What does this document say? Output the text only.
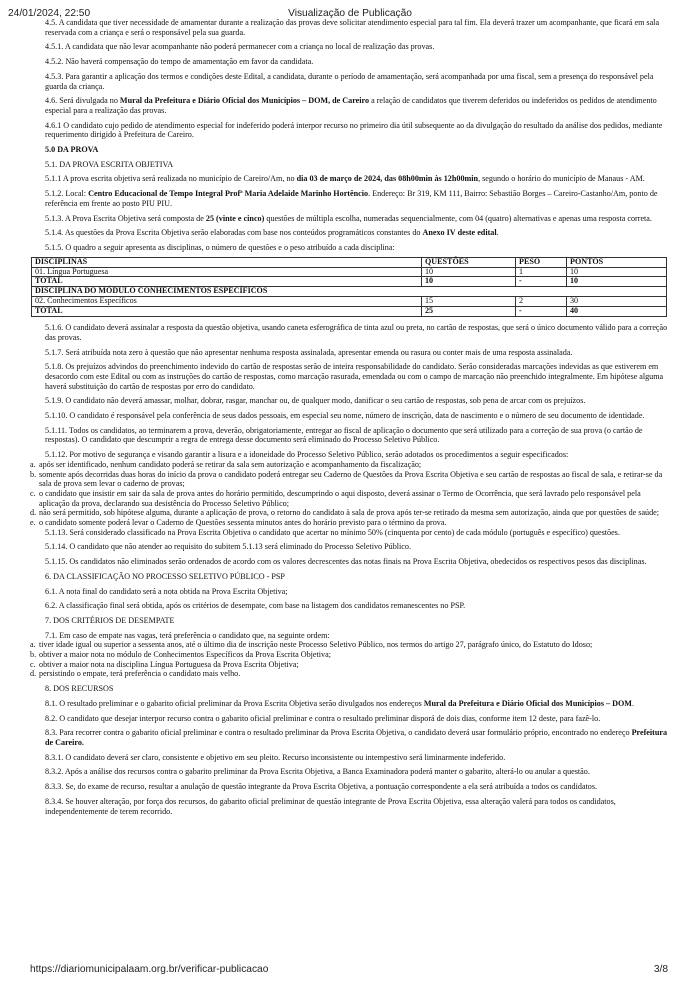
24/01/2024, 22:50	Visualização de Publicação

4.5. A candidata que tiver necessidade de amamentar durante a realização das provas deve solicitar atendimento especial para tal fim. Ela deverá trazer um acompanhante, que ficará em sala reservada com a criança e será o responsável pela sua guarda.

4.5.1. A candidata que não levar acompanhante não poderá permanecer com a criança no local de realização das provas.

4.5.2. Não haverá compensação do tempo de amamentação em favor da candidata.

4.5.3. Para garantir a aplicação dos termos e condições deste Edital, a candidata, durante o período de amamentação, será acompanhada por uma fiscal, sem a presença do responsável pela guarda da criança.

4.6. Será divulgada no Mural da Prefeitura e Diário Oficial dos Municípios – DOM, de Careiro a relação de candidatos que tiverem deferidos ou indeferidos os pedidos de atendimento especial para a realização das provas.

4.6.1 O candidato cujo pedido de atendimento especial for indeferido poderá interpor recurso no primeiro dia útil subsequente ao da divulgação do resultado da análise dos pedidos, mediante requerimento dirigido à Prefeitura de Careiro.

5.0 DA PROVA

5.1. DA PROVA ESCRITA OBJETIVA

5.1.1 A prova escrita objetiva será realizada no município de Careiro/Am, no dia 03 de março de 2024, das 08h00min às 12h00min, segundo o horário do município de Manaus - AM.

5.1.2. Local: Centro Educacional de Tempo Integral Profª Maria Adelaide Marinho Hortêncio. Endereço: Br 319, KM 111, Bairro: Sebastião Borges – Careiro-Castanho/Am, ponto de referência em frente ao posto PIU PIU.

5.1.3. A Prova Escrita Objetiva será composta de 25 (vinte e cinco) questões de múltipla escolha, numeradas sequencialmente, com 04 (quatro) alternativas e apenas uma resposta correta.

5.1.4. As questões da Prova Escrita Objetiva serão elaboradas com base nos conteúdos programáticos constantes do Anexo IV deste edital.

5.1.5. O quadro a seguir apresenta as disciplinas, o número de questões e o peso atribuído a cada disciplina:

DISCIPLINAS	QUESTÕES	PESO	PONTOS
01. Língua Portuguesa	10	1	10
TOTAL	10	-	10
DISCIPLINA DO MÓDULO CONHECIMENTOS ESPECÍFICOS			
02. Conhecimentos Específicos	15	2	30
TOTAL	25	-	40

5.1.6. O candidato deverá assinalar a resposta da questão objetiva, usando caneta esferográfica de tinta azul ou preta, no cartão de respostas, que será o único documento válido para a correção das provas.

5.1.7. Será atribuída nota zero à questão que não apresentar nenhuma resposta assinalada, apresentar emenda ou rasura ou conter mais de uma resposta assinalada.

5.1.8. Os prejuízos advindos do preenchimento indevido do cartão de respostas serão de inteira responsabilidade do candidato. Serão consideradas marcações indevidas as que estiverem em desacordo com este Edital ou com as instruções do cartão de respostas, como marcação rasurada, emendada ou com o campo de marcação não preenchido integralmente. Em hipótese alguma haverá substituição do cartão de respostas por erro do candidato.

5.1.9. O candidato não deverá amassar, molhar, dobrar, rasgar, manchar ou, de qualquer modo, danificar o seu cartão de respostas, sob pena de arcar com os prejuízos.

5.1.10. O candidato é responsável pela conferência de seus dados pessoais, em especial seu nome, número de inscrição, data de nascimento e o número de seu documento de identidade.

5.1.11. Todos os candidatos, ao terminarem a prova, deverão, obrigatoriamente, entregar ao fiscal de aplicação o documento que será utilizado para a correção de sua prova (o cartão de respostas). O candidato que descumprir a regra de entrega desse documento será eliminado do Processo Seletivo Público.

5.1.12. Por motivo de segurança e visando garantir a lisura e a idoneidade do Processo Seletivo Público, serão adotados os procedimentos a seguir especificados:

a. após ser identificado, nenhum candidato poderá se retirar da sala sem autorização e acompanhamento da fiscalização;

b. somente após decorridas duas horas do início da prova o candidato poderá entregar seu Caderno de Questões da Prova Escrita Objetiva e seu cartão de respostas ao fiscal de sala, e retirar-se da sala de prova sem levar o caderno de provas;

c. o candidato que insistir em sair da sala de prova antes do horário permitido, descumprindo o aqui disposto, deverá assinar o Termo de Ocorrência, que será lavrado pelo responsável pela aplicação da prova, declarando sua desistência do Processo Seletivo Público;

d. não será permitido, sob hipótese alguma, durante a aplicação de prova, o retorno do candidato à sala de prova após ter-se retirado da mesma sem autorização, ainda que por questões de saúde;

e. o candidato somente poderá levar o Caderno de Questões sessenta minutos antes do horário previsto para o término da prova.

5.1.13. Será considerado classificado na Prova Escrita Objetiva o candidato que acertar no mínimo 50% (cinquenta por cento) de cada módulo (português e específico) questões.

5.1.14. O candidato que não atender ao requisito do subitem 5.1.13 será eliminado do Processo Seletivo Público.

5.1.15. Os candidatos não eliminados serão ordenados de acordo com os valores decrescentes das notas finais na Prova Escrita Objetiva, obedecidos os respectivos pesos das disciplinas.

6. DA CLASSIFICAÇÃO NO PROCESSO SELETIVO PÚBLICO - PSP

6.1. A nota final do candidato será a nota obtida na Prova Escrita Objetiva;

6.2. A classificação final será obtida, após os critérios de desempate, com base na listagem dos candidatos remanescentes no PSP.

7. DOS CRITÉRIOS DE DESEMPATE

7.1. Em caso de empate nas vagas, terá preferência o candidato que, na seguinte ordem:

a. tiver idade igual ou superior a sessenta anos, até o último dia de inscrição neste Processo Seletivo Público, nos termos do artigo 27, parágrafo único, do Estatuto do Idoso;

b. obtiver a maior nota no módulo de Conhecimentos Específicos da Prova Escrita Objetiva;

c. obtiver a maior nota na disciplina Língua Portuguesa da Prova Escrita Objetiva;

d. persistindo o empate, terá preferência o candidato mais velho.

8. DOS RECURSOS

8.1. O resultado preliminar e o gabarito oficial preliminar da Prova Escrita Objetiva serão divulgados nos endereços Mural da Prefeitura e Diário Oficial dos Municípios – DOM.

8.2. O candidato que desejar interpor recurso contra o gabarito oficial preliminar e contra o resultado preliminar disporá de dois dias, conforme item 12 deste, para fazê-lo.

8.3. Para recorrer contra o gabarito oficial preliminar e contra o resultado preliminar da Prova Escrita Objetiva, o candidato deverá usar formulário próprio, encontrado no endereço Prefeitura de Careiro.

8.3.1. O candidato deverá ser claro, consistente e objetivo em seu pleito. Recurso inconsistente ou intempestivo será liminarmente indeferido.

8.3.2. Após a análise dos recursos contra o gabarito preliminar da Prova Escrita Objetiva, a Banca Examinadora poderá manter o gabarito, alterá-lo ou anular a questão.

8.3.3. Se, do exame de recurso, resultar a anulação de questão integrante da Prova Escrita Objetiva, a pontuação correspondente a ela será atribuída a todos os candidatos.

8.3.4. Se houver alteração, por força dos recursos, do gabarito oficial preliminar de questão integrante de Prova Escrita Objetiva, essa alteração valerá para todos os candidatos, independentemente de terem recorrido.

https://diariomunicipalaam.org.br/verificar-publicacao	3/8
